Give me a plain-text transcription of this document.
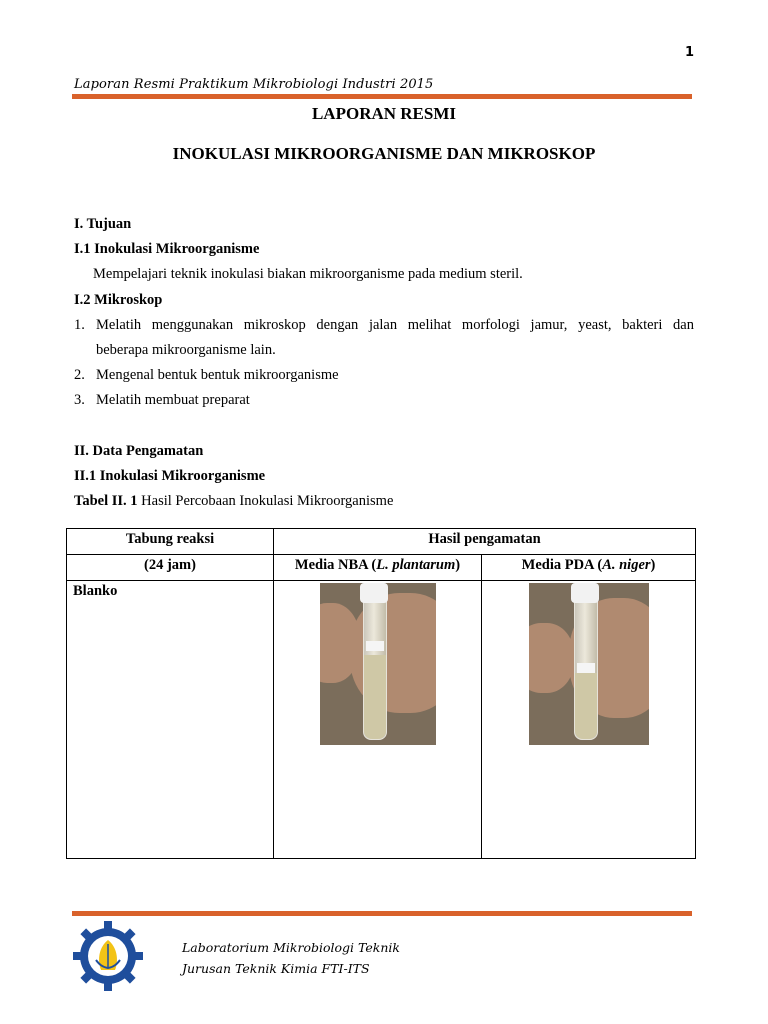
1
Laporan Resmi Praktikum Mikrobiologi Industri 2015
LAPORAN RESMI
INOKULASI MIKROORGANISME DAN MIKROSKOP
I. Tujuan
I.1 Inokulasi Mikroorganisme
Mempelajari teknik inokulasi biakan mikroorganisme pada medium steril.
I.2 Mikroskop
1. Melatih menggunakan mikroskop dengan jalan melihat morfologi jamur, yeast, bakteri dan
beberapa mikroorganisme lain.
2. Mengenal bentuk bentuk mikroorganisme
3. Melatih membuat preparat
II. Data Pengamatan
II.1 Inokulasi Mikroorganisme
Tabel II. 1 Hasil Percobaan Inokulasi Mikroorganisme
Tabung reaksi	Hasil pengamatan	
(24 jam)	Media NBA (L. plantarum)	Media PDA (A. niger)

Blanko		

Laboratorium Mikrobiologi Teknik
Jurusan Teknik Kimia FTI-ITS
